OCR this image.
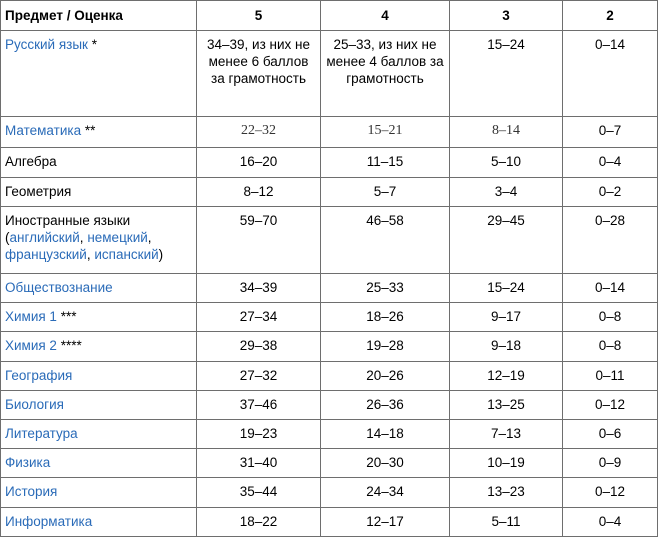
Предмет / Оценка	5	4	3	2
Русский язык *	34–39, из них не менее 6 баллов за грамотность	25–33, из них не менее 4 баллов за грамотность	15–24	0–14
Математика **	22–32	15–21	8–14	0–7
Алгебра	16–20	11–15	5–10	0–4
Геометрия	8–12	5–7	3–4	0–2
Иностранные языки
(английский, немецкий,
французский, испанский)	59–70	46–58	29–45	0–28
Обществознание	34–39	25–33	15–24	0–14
Химия 1 ***	27–34	18–26	9–17	0–8
Химия 2 ****	29–38	19–28	9–18	0–8
География	27–32	20–26	12–19	0–11
Биология	37–46	26–36	13–25	0–12
Литература	19–23	14–18	7–13	0–6
Физика	31–40	20–30	10–19	0–9
История	35–44	24–34	13–23	0–12
Информатика	18–22	12–17	5–11	0–4
